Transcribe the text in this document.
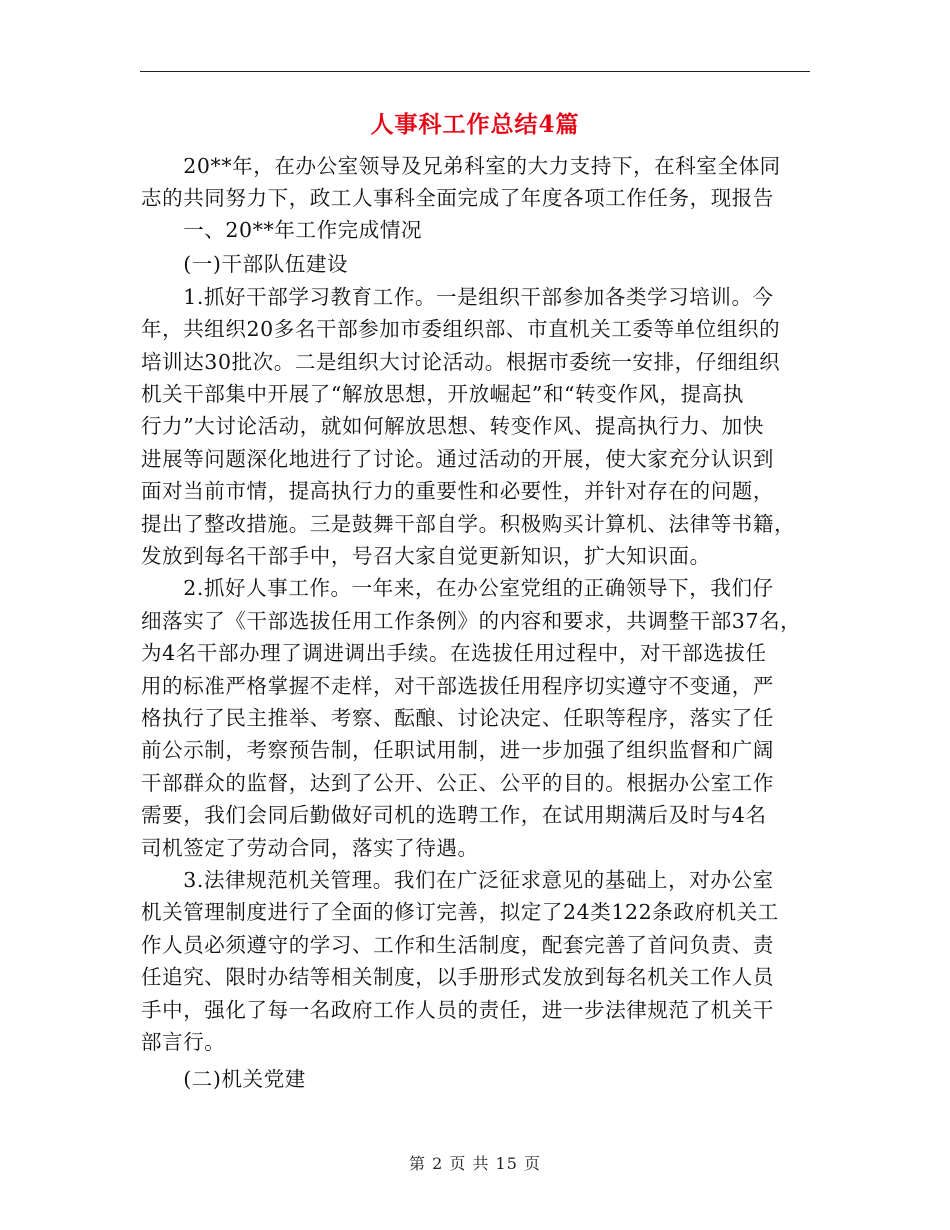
人事科工作总结4篇
　　20**年，在办公室领导及兄弟科室的大力支持下，在科室全体同
志的共同努力下，政工人事科全面完成了年度各项工作任务，现报告
　　一、20**年工作完成情况
　　(一)干部队伍建设
　　1.抓好干部学习教育工作。一是组织干部参加各类学习培训。今
年，共组织20多名干部参加市委组织部、市直机关工委等单位组织的
培训达30批次。二是组织大讨论活动。根据市委统一安排，仔细组织
机关干部集中开展了“解放思想，开放崛起”和“转变作风，提高执
行力”大讨论活动，就如何解放思想、转变作风、提高执行力、加快
进展等问题深化地进行了讨论。通过活动的开展，使大家充分认识到
面对当前市情，提高执行力的重要性和必要性，并针对存在的问题，
提出了整改措施。三是鼓舞干部自学。积极购买计算机、法律等书籍，
发放到每名干部手中，号召大家自觉更新知识，扩大知识面。
　　2.抓好人事工作。一年来，在办公室党组的正确领导下，我们仔
细落实了《干部选拔任用工作条例》的内容和要求，共调整干部37名，
为4名干部办理了调进调出手续。在选拔任用过程中，对干部选拔任
用的标准严格掌握不走样，对干部选拔任用程序切实遵守不变通，严
格执行了民主推举、考察、酝酿、讨论决定、任职等程序，落实了任
前公示制，考察预告制，任职试用制，进一步加强了组织监督和广阔
干部群众的监督，达到了公开、公正、公平的目的。根据办公室工作
需要，我们会同后勤做好司机的选聘工作，在试用期满后及时与4名
司机签定了劳动合同，落实了待遇。
　　3.法律规范机关管理。我们在广泛征求意见的基础上，对办公室
机关管理制度进行了全面的修订完善，拟定了24类122条政府机关工
作人员必须遵守的学习、工作和生活制度，配套完善了首问负责、责
任追究、限时办结等相关制度，以手册形式发放到每名机关工作人员
手中，强化了每一名政府工作人员的责任，进一步法律规范了机关干
部言行。
　　(二)机关党建
第 2 页 共 15 页
